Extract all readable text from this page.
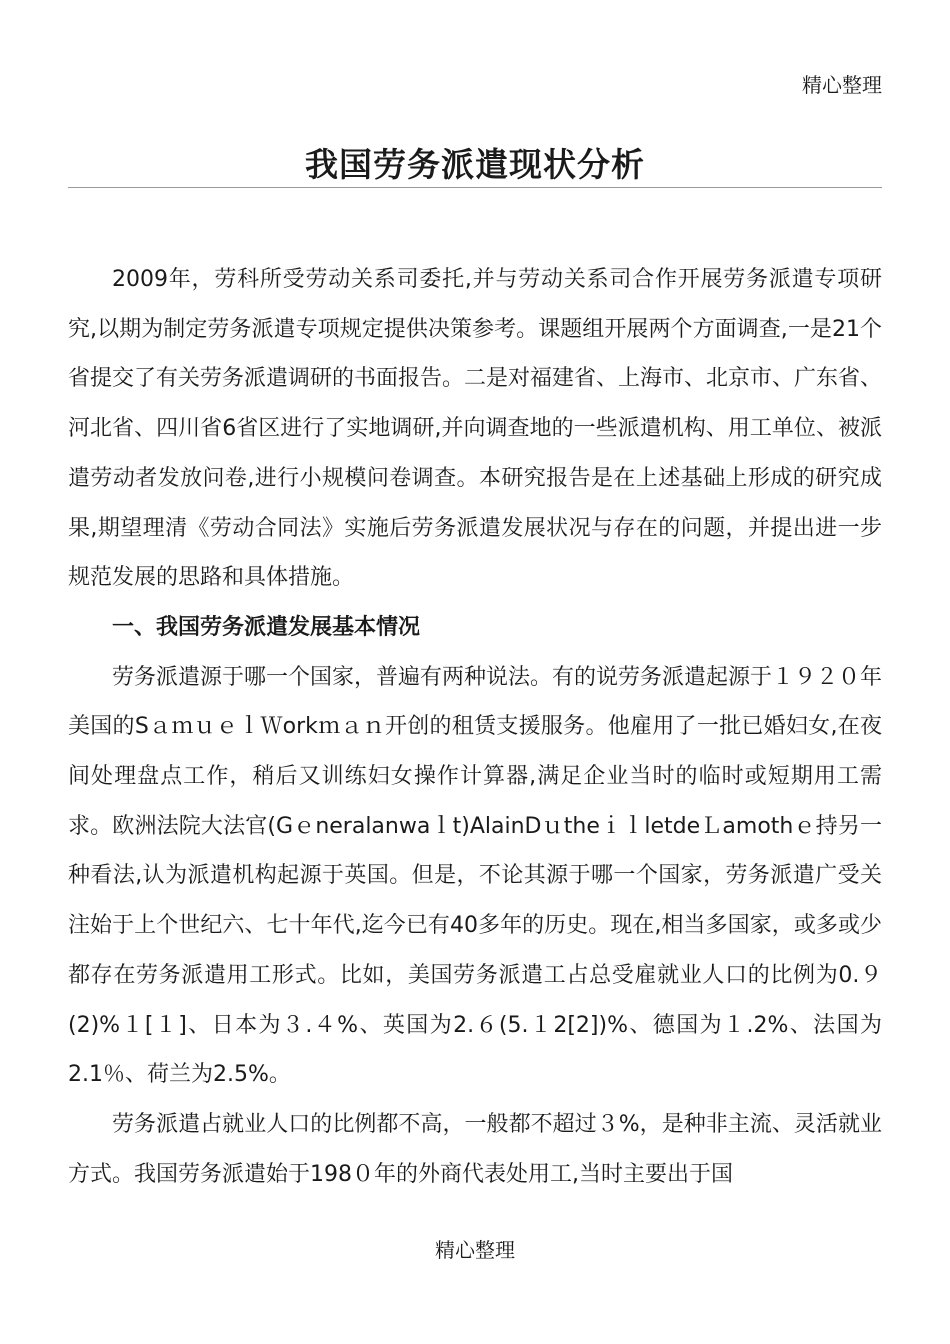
精心整理
我国劳务派遣现状分析

2009年，劳科所受劳动关系司委托,并与劳动关系司合作开展劳务派遣专项研究,以期为制定劳务派遣专项规定提供决策参考。课题组开展两个方面调查,一是21个省提交了有关劳务派遣调研的书面报告。二是对福建省、上海市、北京市、广东省、河北省、四川省6省区进行了实地调研,并向调查地的一些派遣机构、用工单位、被派遣劳动者发放问卷,进行小规模问卷调查。本研究报告是在上述基础上形成的研究成果,期望理清《劳动合同法》实施后劳务派遣发展状况与存在的问题，并提出进一步规范发展的思路和具体措施。

一、我国劳务派遣发展基本情况

劳务派遣源于哪一个国家，普遍有两种说法。有的说劳务派遣起源于１９２０年美国的SａｍｕｅｌＷorkｍａｎ开创的租赁支援服务。他雇用了一批已婚妇女,在夜间处理盘点工作，稍后又训练妇女操作计算器,满足企业当时的临时或短期用工需求。欧洲法院大法官(Gｅneralanwaｌt)AlainDｕtheｉｌletdeＬamothｅ持另一种看法,认为派遣机构起源于英国。但是，不论其源于哪一个国家，劳务派遣广受关注始于上个世纪六、七十年代,迄今已有40多年的历史。现在,相当多国家，或多或少都存在劳务派遣用工形式。比如，美国劳务派遣工占总受雇就业人口的比例为0.９(2)%１[１]、日本为３.４%、英国为2.６(5.１2[2])%、德国为１.2%、法国为2.1％、荷兰为2.5%。

劳务派遣占就业人口的比例都不高，一般都不超过３%，是种非主流、灵活就业方式。我国劳务派遣始于198０年的外商代表处用工,当时主要出于国

精心整理
